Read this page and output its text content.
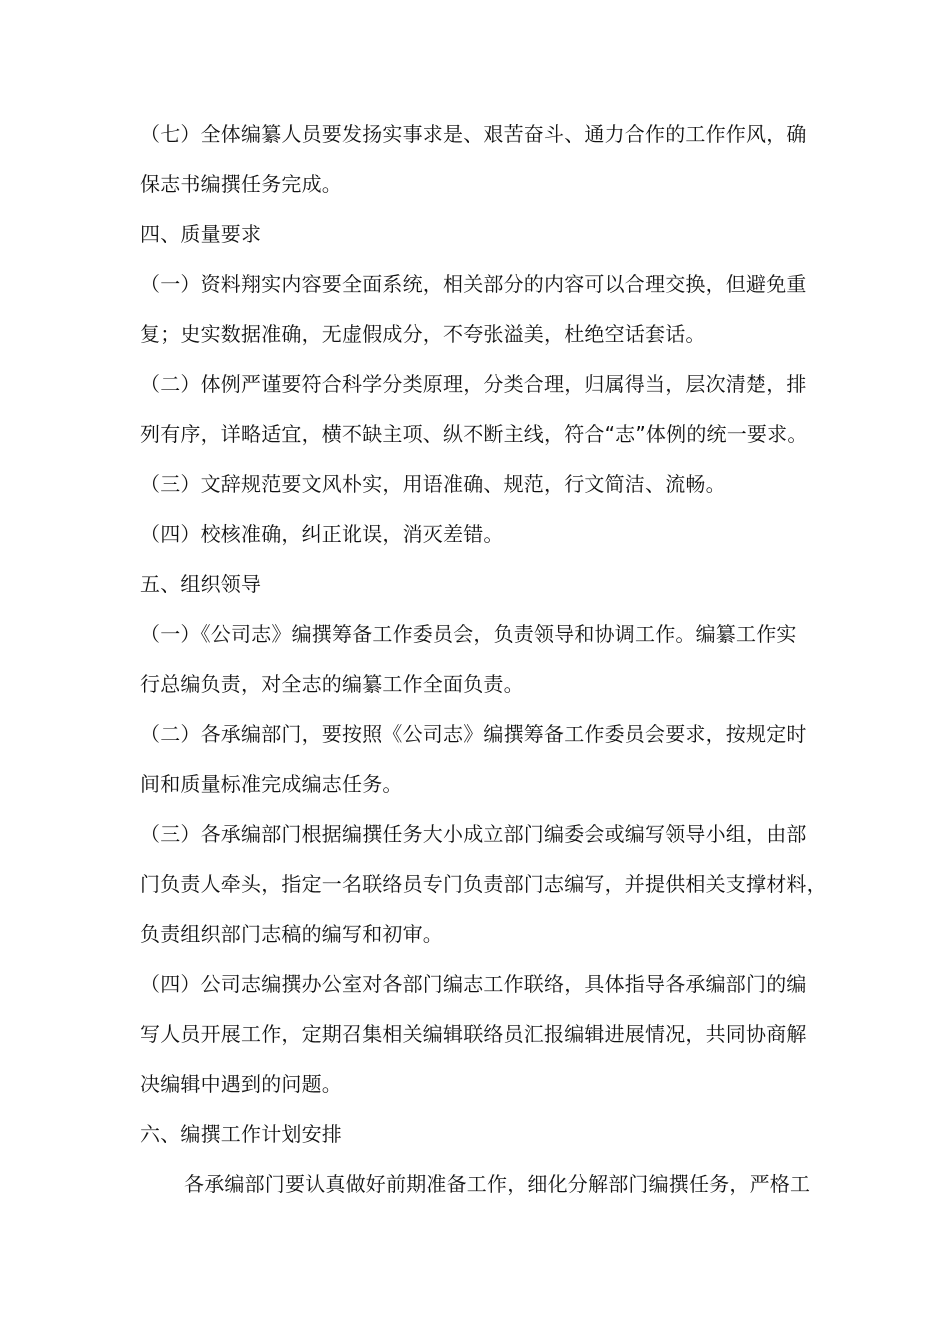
（七）全体编纂人员要发扬实事求是、艰苦奋斗、通力合作的工作作风，确
保志书编撰任务完成。
四、质量要求
（一）资料翔实内容要全面系统，相关部分的内容可以合理交换，但避免重
复；史实数据准确，无虚假成分，不夸张溢美，杜绝空话套话。
（二）体例严谨要符合科学分类原理，分类合理，归属得当，层次清楚，排
列有序，详略适宜，横不缺主项、纵不断主线，符合“志”体例的统一要求。
（三）文辞规范要文风朴实，用语准确、规范，行文简洁、流畅。
（四）校核准确，纠正讹误，消灭差错。
五、组织领导
（一）《公司志》编撰筹备工作委员会，负责领导和协调工作。编纂工作实
行总编负责，对全志的编纂工作全面负责。
（二）各承编部门，要按照《公司志》编撰筹备工作委员会要求，按规定时
间和质量标准完成编志任务。
（三）各承编部门根据编撰任务大小成立部门编委会或编写领导小组，由部
门负责人牵头，指定一名联络员专门负责部门志编写，并提供相关支撑材料，
负责组织部门志稿的编写和初审。
（四）公司志编撰办公室对各部门编志工作联络，具体指导各承编部门的编
写人员开展工作，定期召集相关编辑联络员汇报编辑进展情况，共同协商解
决编辑中遇到的问题。
六、编撰工作计划安排
各承编部门要认真做好前期准备工作，细化分解部门编撰任务，严格工
